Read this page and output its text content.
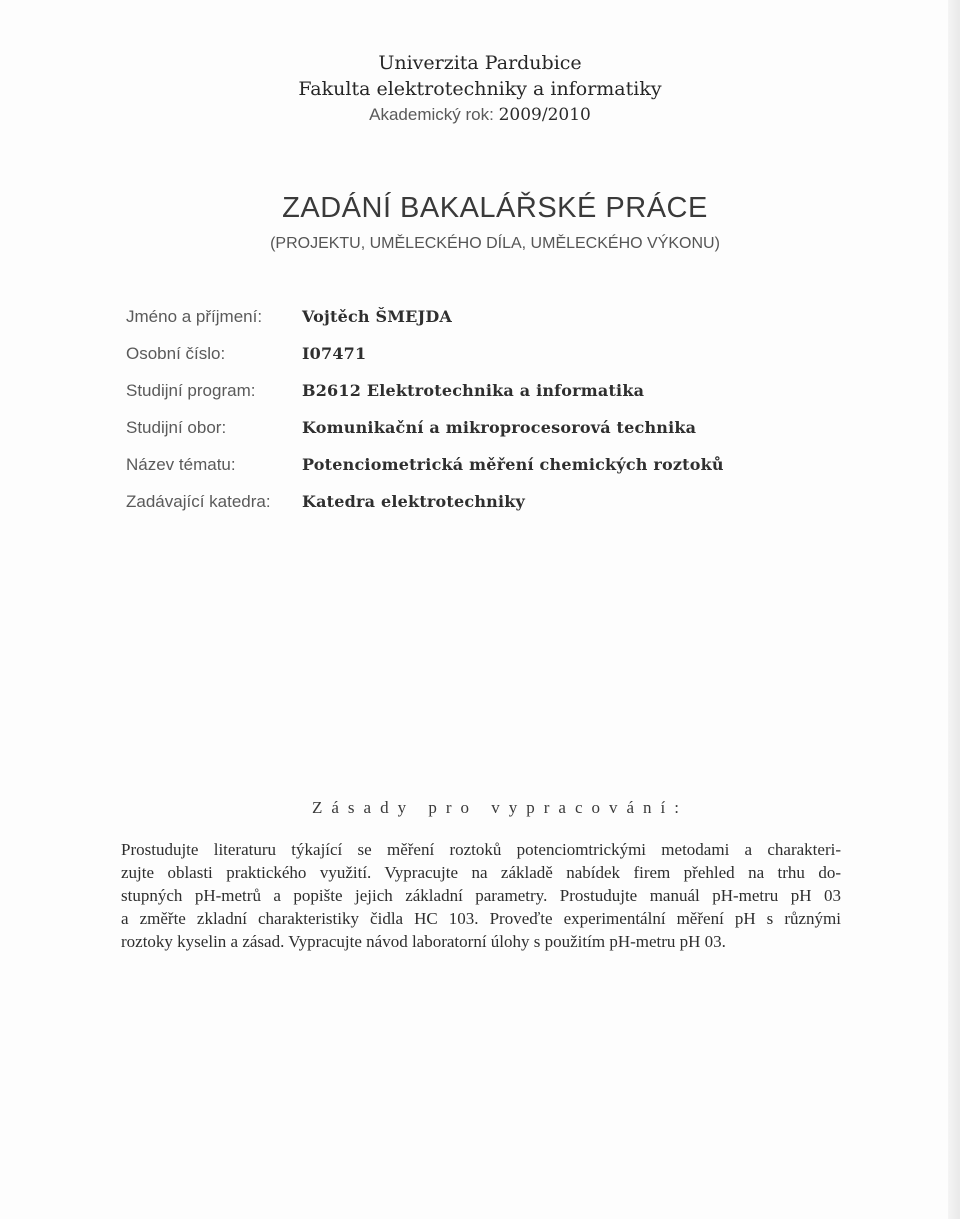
Univerzita Pardubice
Fakulta elektrotechniky a informatiky
Akademický rok: 2009/2010
ZADÁNÍ BAKALÁŘSKÉ PRÁCE
(PROJEKTU, UMĚLECKÉHO DÍLA, UMĚLECKÉHO VÝKONU)
Jméno a příjmení:	Vojtěch ŠMEJDA
Osobní číslo:	I07471
Studijní program:	B2612 Elektrotechnika a informatika
Studijní obor:	Komunikační a mikroprocesorová technika
Název tématu:	Potenciometrická měření chemických roztoků
Zadávající katedra:	Katedra elektrotechniky
Zásady pro vypracování:
Prostudujte literaturu týkající se měření roztoků potenciomtrickými metodami a charakteri-
zujte oblasti praktického využití. Vypracujte na základě nabídek firem přehled na trhu do-
stupných pH-metrů a popište jejich základní parametry. Prostudujte manuál pH-metru pH 03
a změřte zkladní charakteristiky čidla HC 103. Proveďte experimentální měření pH s různými
roztoky kyselin a zásad. Vypracujte návod laboratorní úlohy s použitím pH-metru pH 03.
